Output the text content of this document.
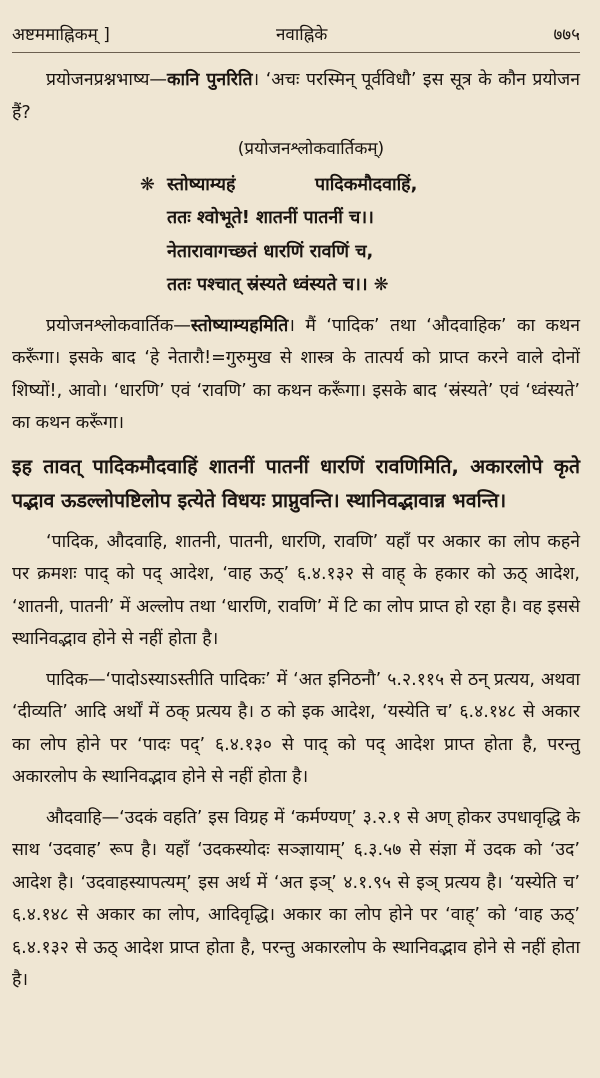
अष्टममाह्निकम् ]	नवाह्निके	७७५

प्रयोजनप्रश्नभाष्य—कानि पुनरिति। ‘अचः परस्मिन् पूर्वविधौ’ इस सूत्र के कौन प्रयोजन हैं?

(प्रयोजनश्लोकवार्तिकम्)
❋ स्तोष्याम्यहं	पादिकमौदवाहिं,
ततः श्वोभूते! शातनीं पातनीं च।।
नेतारावागच्छतं धारणिं रावणिं च,
ततः पश्चात् स्रंस्यते ध्वंस्यते च।। ❋

प्रयोजनश्लोकवार्तिक—स्तोष्याम्यहमिति। मैं ‘पादिक’ तथा ‘औदवाहिक’ का कथन करूँगा। इसके बाद ‘हे नेतारौ!=गुरुमुख से शास्त्र के तात्पर्य को प्राप्त करने वाले दोनों शिष्यों!, आवो। ‘धारणि’ एवं ‘रावणि’ का कथन करूँगा। इसके बाद ‘स्रंस्यते’ एवं ‘ध्वंस्यते’ का कथन करूँगा।

इह तावत् पादिकमौदवाहिं शातनीं पातनीं धारणिं रावणिमिति, अकारलोपे कृते पद्भाव ऊडल्लोपष्टिलोप इत्येते विधयः प्राप्नुवन्ति। स्थानिवद्भावान्न भवन्ति।

‘पादिक, औदवाहि, शातनी, पातनी, धारणि, रावणि’ यहाँ पर अकार का लोप कहने पर क्रमशः पाद् को पद् आदेश, ‘वाह ऊठ्’ ६.४.१३२ से वाह् के हकार को ऊठ् आदेश, ‘शातनी, पातनी’ में अल्लोप तथा ‘धारणि, रावणि’ में टि का लोप प्राप्त हो रहा है। वह इससे स्थानिवद्भाव होने से नहीं होता है।

पादिक—‘पादोऽस्याऽस्तीति पादिकः’ में ‘अत इनिठनौ’ ५.२.११५ से ठन् प्रत्यय, अथवा ‘दीव्यति’ आदि अर्थों में ठक् प्रत्यय है। ठ को इक आदेश, ‘यस्येति च’ ६.४.१४८ से अकार का लोप होने पर ‘पादः पद्’ ६.४.१३० से पाद् को पद् आदेश प्राप्त होता है, परन्तु अकारलोप के स्थानिवद्भाव होने से नहीं होता है।

औदवाहि—‘उदकं वहति’ इस विग्रह में ‘कर्मण्यण्’ ३.२.१ से अण् होकर उपधावृद्धि के साथ ‘उदवाह’ रूप है। यहाँ ‘उदकस्योदः सञ्ज्ञायाम्’ ६.३.५७ से संज्ञा में उदक को ‘उद’ आदेश है। ‘उदवाहस्यापत्यम्’ इस अर्थ में ‘अत इञ्’ ४.१.९५ से इञ् प्रत्यय है। ‘यस्येति च’ ६.४.१४८ से अकार का लोप, आदिवृद्धि। अकार का लोप होने पर ‘वाह्’ को ‘वाह ऊठ्’ ६.४.१३२ से ऊठ् आदेश प्राप्त होता है, परन्तु अकारलोप के स्थानिवद्भाव होने से नहीं होता है।
